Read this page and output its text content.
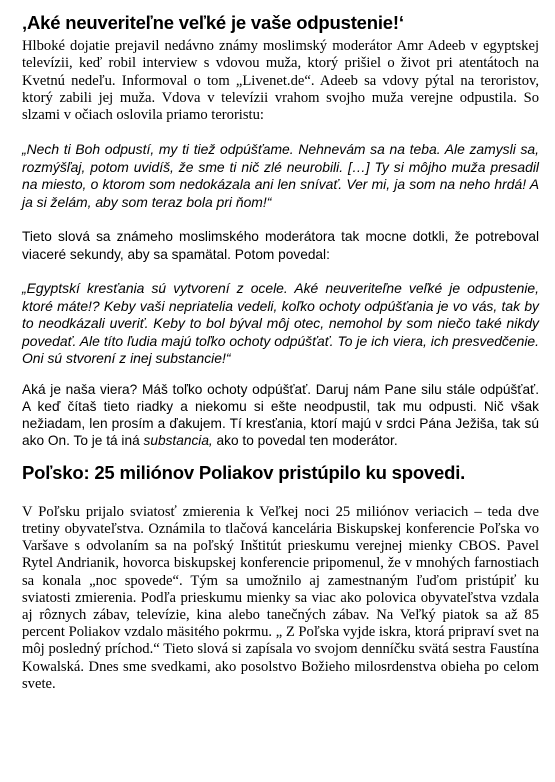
‚Aké neuveriteľne veľké je vaše odpustenie!‘

Hlboké dojatie prejavil nedávno známy moslimský moderátor Amr Adeeb v egyptskej televízii, keď robil interview s vdovou muža, ktorý prišiel o život pri atentátoch na Kvetnú nedeľu. Informoval o tom „Livenet.de“. Adeeb sa vdovy pýtal na teroristov, ktorý zabili jej muža. Vdova v televízii vrahom svojho muža verejne odpustila. So slzami v očiach oslovila priamo teroristu:

„Nech ti Boh odpustí, my ti tiež odpúšťame. Nehnevám sa na teba. Ale zamysli sa, rozmýšľaj, potom uvidíš, že sme ti nič zlé neurobili. […] Ty si môjho muža presadil na miesto, o ktorom som nedokázala ani len snívať. Ver mi, ja som na neho hrdá! A ja si želám, aby som teraz bola pri ňom!“

Tieto slová sa známeho moslimského moderátora tak mocne dotkli, že potreboval viaceré sekundy, aby sa spamätal. Potom povedal:

„Egyptskí kresťania sú vytvorení z ocele. Aké neuveriteľne veľké je odpustenie, ktoré máte!? Keby vaši nepriatelia vedeli, koľko ochoty odpúšťania je vo vás, tak by to neodkázali uveriť. Keby to bol býval môj otec, nemohol by som niečo také nikdy povedať. Ale títo ľudia majú toľko ochoty odpúšťať. To je ich viera, ich presvedčenie. Oni sú stvorení z inej substancie!“

Aká je naša viera? Máš toľko ochoty odpúšťať. Daruj nám Pane silu stále odpúšťať. A keď čítaš tieto riadky a niekomu si ešte neodpustil, tak mu odpusti. Nič však nežiadam, len prosím a ďakujem. Tí kresťania, ktorí majú v srdci Pána Ježiša, tak sú ako On. To je tá iná substancia, ako to povedal ten moderátor.

Poľsko: 25 miliónov Poliakov pristúpilo ku spovedi.

V Poľsku prijalo sviatosť zmierenia k Veľkej noci 25 miliónov veriacich – teda dve tretiny obyvateľstva. Oznámila to tlačová kancelária Biskupskej konferencie Poľska vo Varšave s odvolaním sa na poľský Inštitút prieskumu verejnej mienky CBOS. Pavel Rytel Andrianik, hovorca biskupskej konferencie pripomenul, že v mnohých farnostiach sa konala „noc spovede“. Tým sa umožnilo aj zamestnaným ľuďom pristúpiť ku sviatosti zmierenia. Podľa prieskumu mienky sa viac ako polovica obyvateľstva vzdala aj rôznych zábav, televízie, kina alebo tanečných zábav. Na Veľký piatok sa až 85 percent Poliakov vzdalo mäsitého pokrmu. „ Z Poľska vyjde iskra, ktorá pripraví svet na môj posledný príchod.“ Tieto slová si zapísala vo svojom denníčku svätá sestra Faustína Kowalská. Dnes sme svedkami, ako posolstvo Božieho milosrdenstva obieha po celom svete.
